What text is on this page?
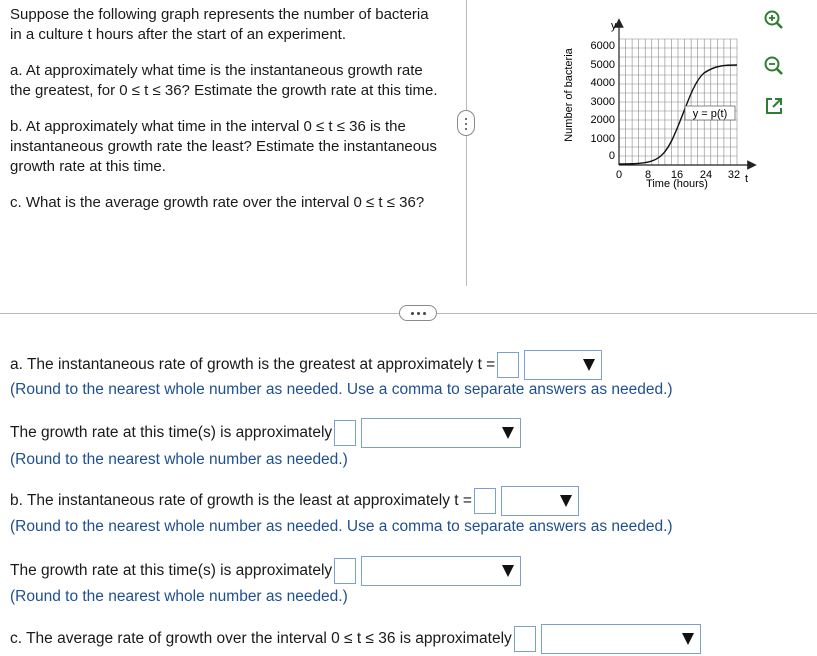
Suppose the following graph represents the number of bacteria in a culture t hours after the start of an experiment.

a. At approximately what time is the instantaneous growth rate the greatest, for 0 ≤ t ≤ 36? Estimate the growth rate at this time.

b. At approximately what time in the interval 0 ≤ t ≤ 36 is the instantaneous growth rate the least? Estimate the instantaneous growth rate at this time.

c. What is the average growth rate over the interval 0 ≤ t ≤ 36?

y = p(t)
y
t
Number of bacteria
Time (hours)
6000
5000
4000
3000
2000
1000
0
0 8 16 24 32
a. The instantaneous rate of growth is the greatest at approximately t =
(Round to the nearest whole number as needed. Use a comma to separate answers as needed.)
The growth rate at this time(s) is approximately
(Round to the nearest whole number as needed.)
b. The instantaneous rate of growth is the least at approximately t =
(Round to the nearest whole number as needed. Use a comma to separate answers as needed.)
The growth rate at this time(s) is approximately
(Round to the nearest whole number as needed.)
c. The average rate of growth over the interval 0 ≤ t ≤ 36 is approximately
